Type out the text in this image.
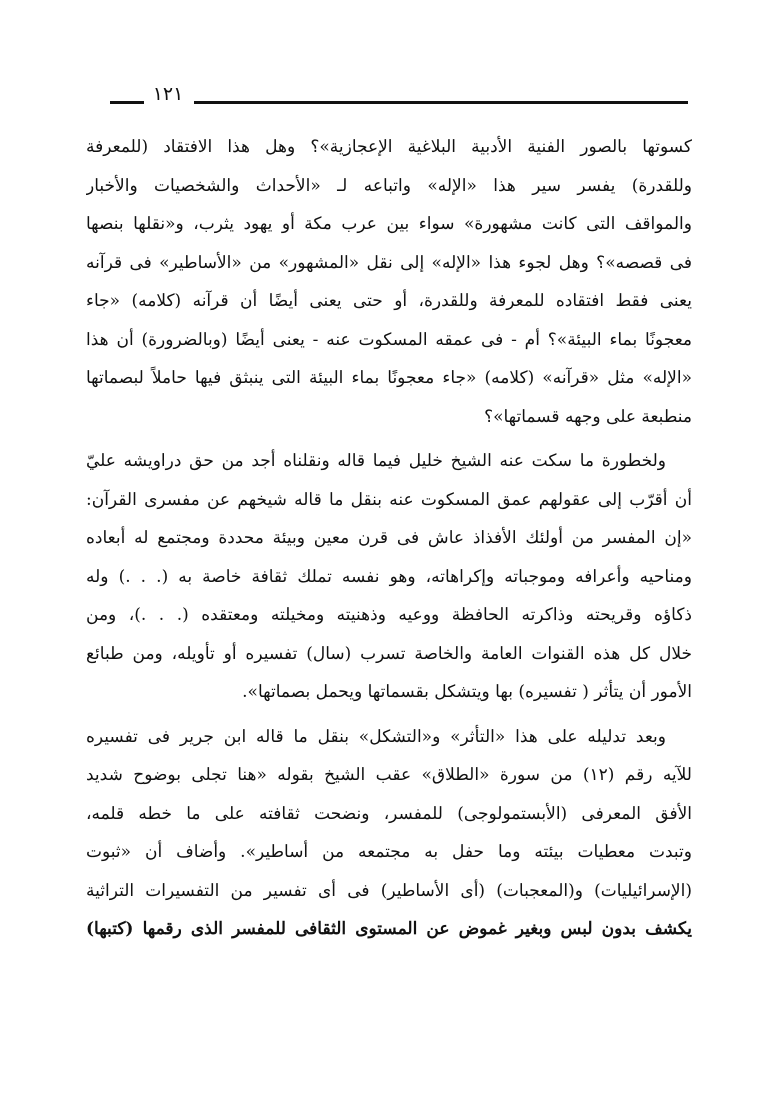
١٢١
كسوتها بالصور الفنية الأدبية البلاغية الإعجازية»؟ وهل هذا الافتقاد (للمعرفة
وللقدرة) يفسر سير هذا «الإله» واتباعه لـ «الأحداث والشخصيات والأخبار
والمواقف التى كانت مشهورة» سواء بين عرب مكة أو يهود يثرب، و«نقلها بنصها
فى قصصه»؟ وهل لجوء هذا «الإله» إلى نقل «المشهور» من «الأساطير» فى قرآنه
يعنى فقط افتقاده للمعرفة وللقدرة، أو حتى يعنى أيضًا أن قرآنه (كلامه) «جاء
معجونًا بماء البيئة»؟ أم - فى عمقه المسكوت عنه - يعنى أيضًا (وبالضرورة) أن هذا
«الإله» مثل «قرآنه» (كلامه) «جاء معجونًا بماء البيئة التى ينبثق فيها حاملاً لبصماتها
منطبعة على وجهه قسماتها»؟
ولخطورة ما سكت عنه الشيخ خليل فيما قاله ونقلناه أجد من حق دراويشه عليّ
أن أقرّب إلى عقولهم عمق المسكوت عنه بنقل ما قاله شيخهم عن مفسرى القرآن:
«إن المفسر من أولئك الأفذاذ عاش فى قرن معين وبيئة محددة ومجتمع له أبعاده
ومناحيه وأعرافه وموجباته وإكراهاته، وهو نفسه تملك ثقافة خاصة به (. . .) وله
ذكاؤه وقريحته وذاكرته الحافظة ووعيه وذهنيته ومخيلته ومعتقده (. . .)، ومن
خلال كل هذه القنوات العامة والخاصة تسرب (سال) تفسيره أو تأويله، ومن طبائع
الأمور أن يتأثر ( تفسيره) بها ويتشكل بقسماتها ويحمل بصماتها».
وبعد تدليله على هذا «التأثر» و«التشكل» بنقل ما قاله ابن جرير فى تفسيره
للآيه رقم (١٢) من سورة «الطلاق» عقب الشيخ بقوله «هنا تجلى بوضوح شديد
الأفق المعرفى (الأبستمولوجى) للمفسر، ونضحت ثقافته على ما خطه قلمه،
وتبدت معطيات بيئته وما حفل به مجتمعه من أساطير». وأضاف أن «ثبوت
(الإسرائيليات) و(المعجبات) (أى الأساطير) فى أى تفسير من التفسيرات التراثية
يكشف بدون لبس وبغير غموض عن المستوى الثقافى للمفسر الذى رقمها (كتبها)
